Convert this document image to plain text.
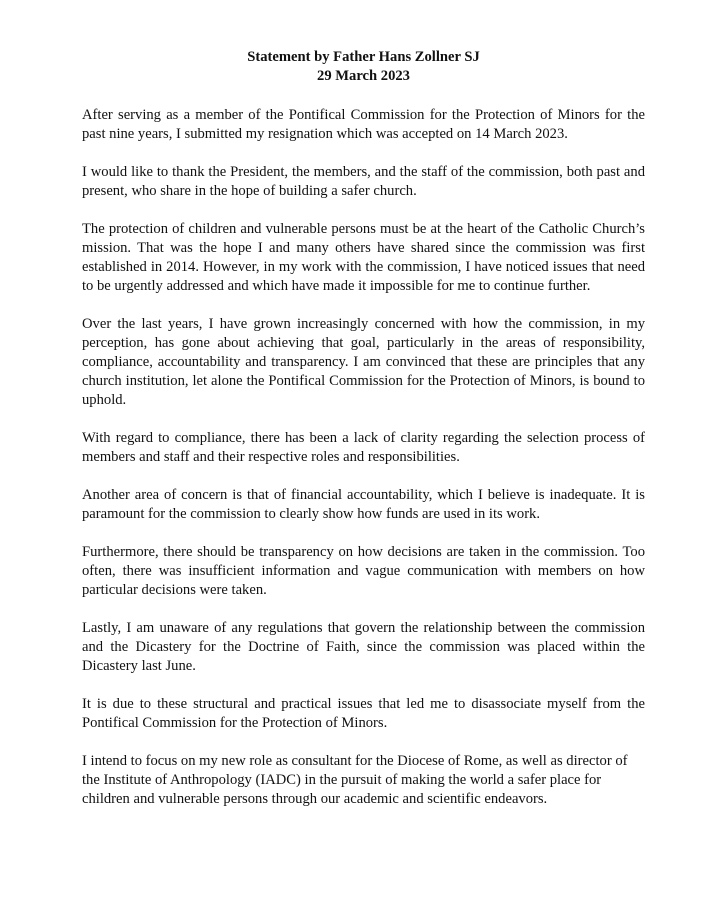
Statement by Father Hans Zollner SJ
29 March 2023

After serving as a member of the Pontifical Commission for the Protection of Minors for the past nine years, I submitted my resignation which was accepted on 14 March 2023.

I would like to thank the President, the members, and the staff of the commission, both past and present, who share in the hope of building a safer church.

The protection of children and vulnerable persons must be at the heart of the Catholic Church’s mission. That was the hope I and many others have shared since the commission was first established in 2014. However, in my work with the commission, I have noticed issues that need to be urgently addressed and which have made it impossible for me to continue further.

Over the last years, I have grown increasingly concerned with how the commission, in my perception, has gone about achieving that goal, particularly in the areas of responsibility, compliance, accountability and transparency. I am convinced that these are principles that any church institution, let alone the Pontifical Commission for the Protection of Minors, is bound to uphold.

With regard to compliance, there has been a lack of clarity regarding the selection process of members and staff and their respective roles and responsibilities.

Another area of concern is that of financial accountability, which I believe is inadequate. It is paramount for the commission to clearly show how funds are used in its work.

Furthermore, there should be transparency on how decisions are taken in the commission. Too often, there was insufficient information and vague communication with members on how particular decisions were taken.

Lastly, I am unaware of any regulations that govern the relationship between the commission and the Dicastery for the Doctrine of Faith, since the commission was placed within the Dicastery last June.

It is due to these structural and practical issues that led me to disassociate myself from the Pontifical Commission for the Protection of Minors.

I intend to focus on my new role as consultant for the Diocese of Rome, as well as director of the Institute of Anthropology (IADC) in the pursuit of making the world a safer place for children and vulnerable persons through our academic and scientific endeavors.
